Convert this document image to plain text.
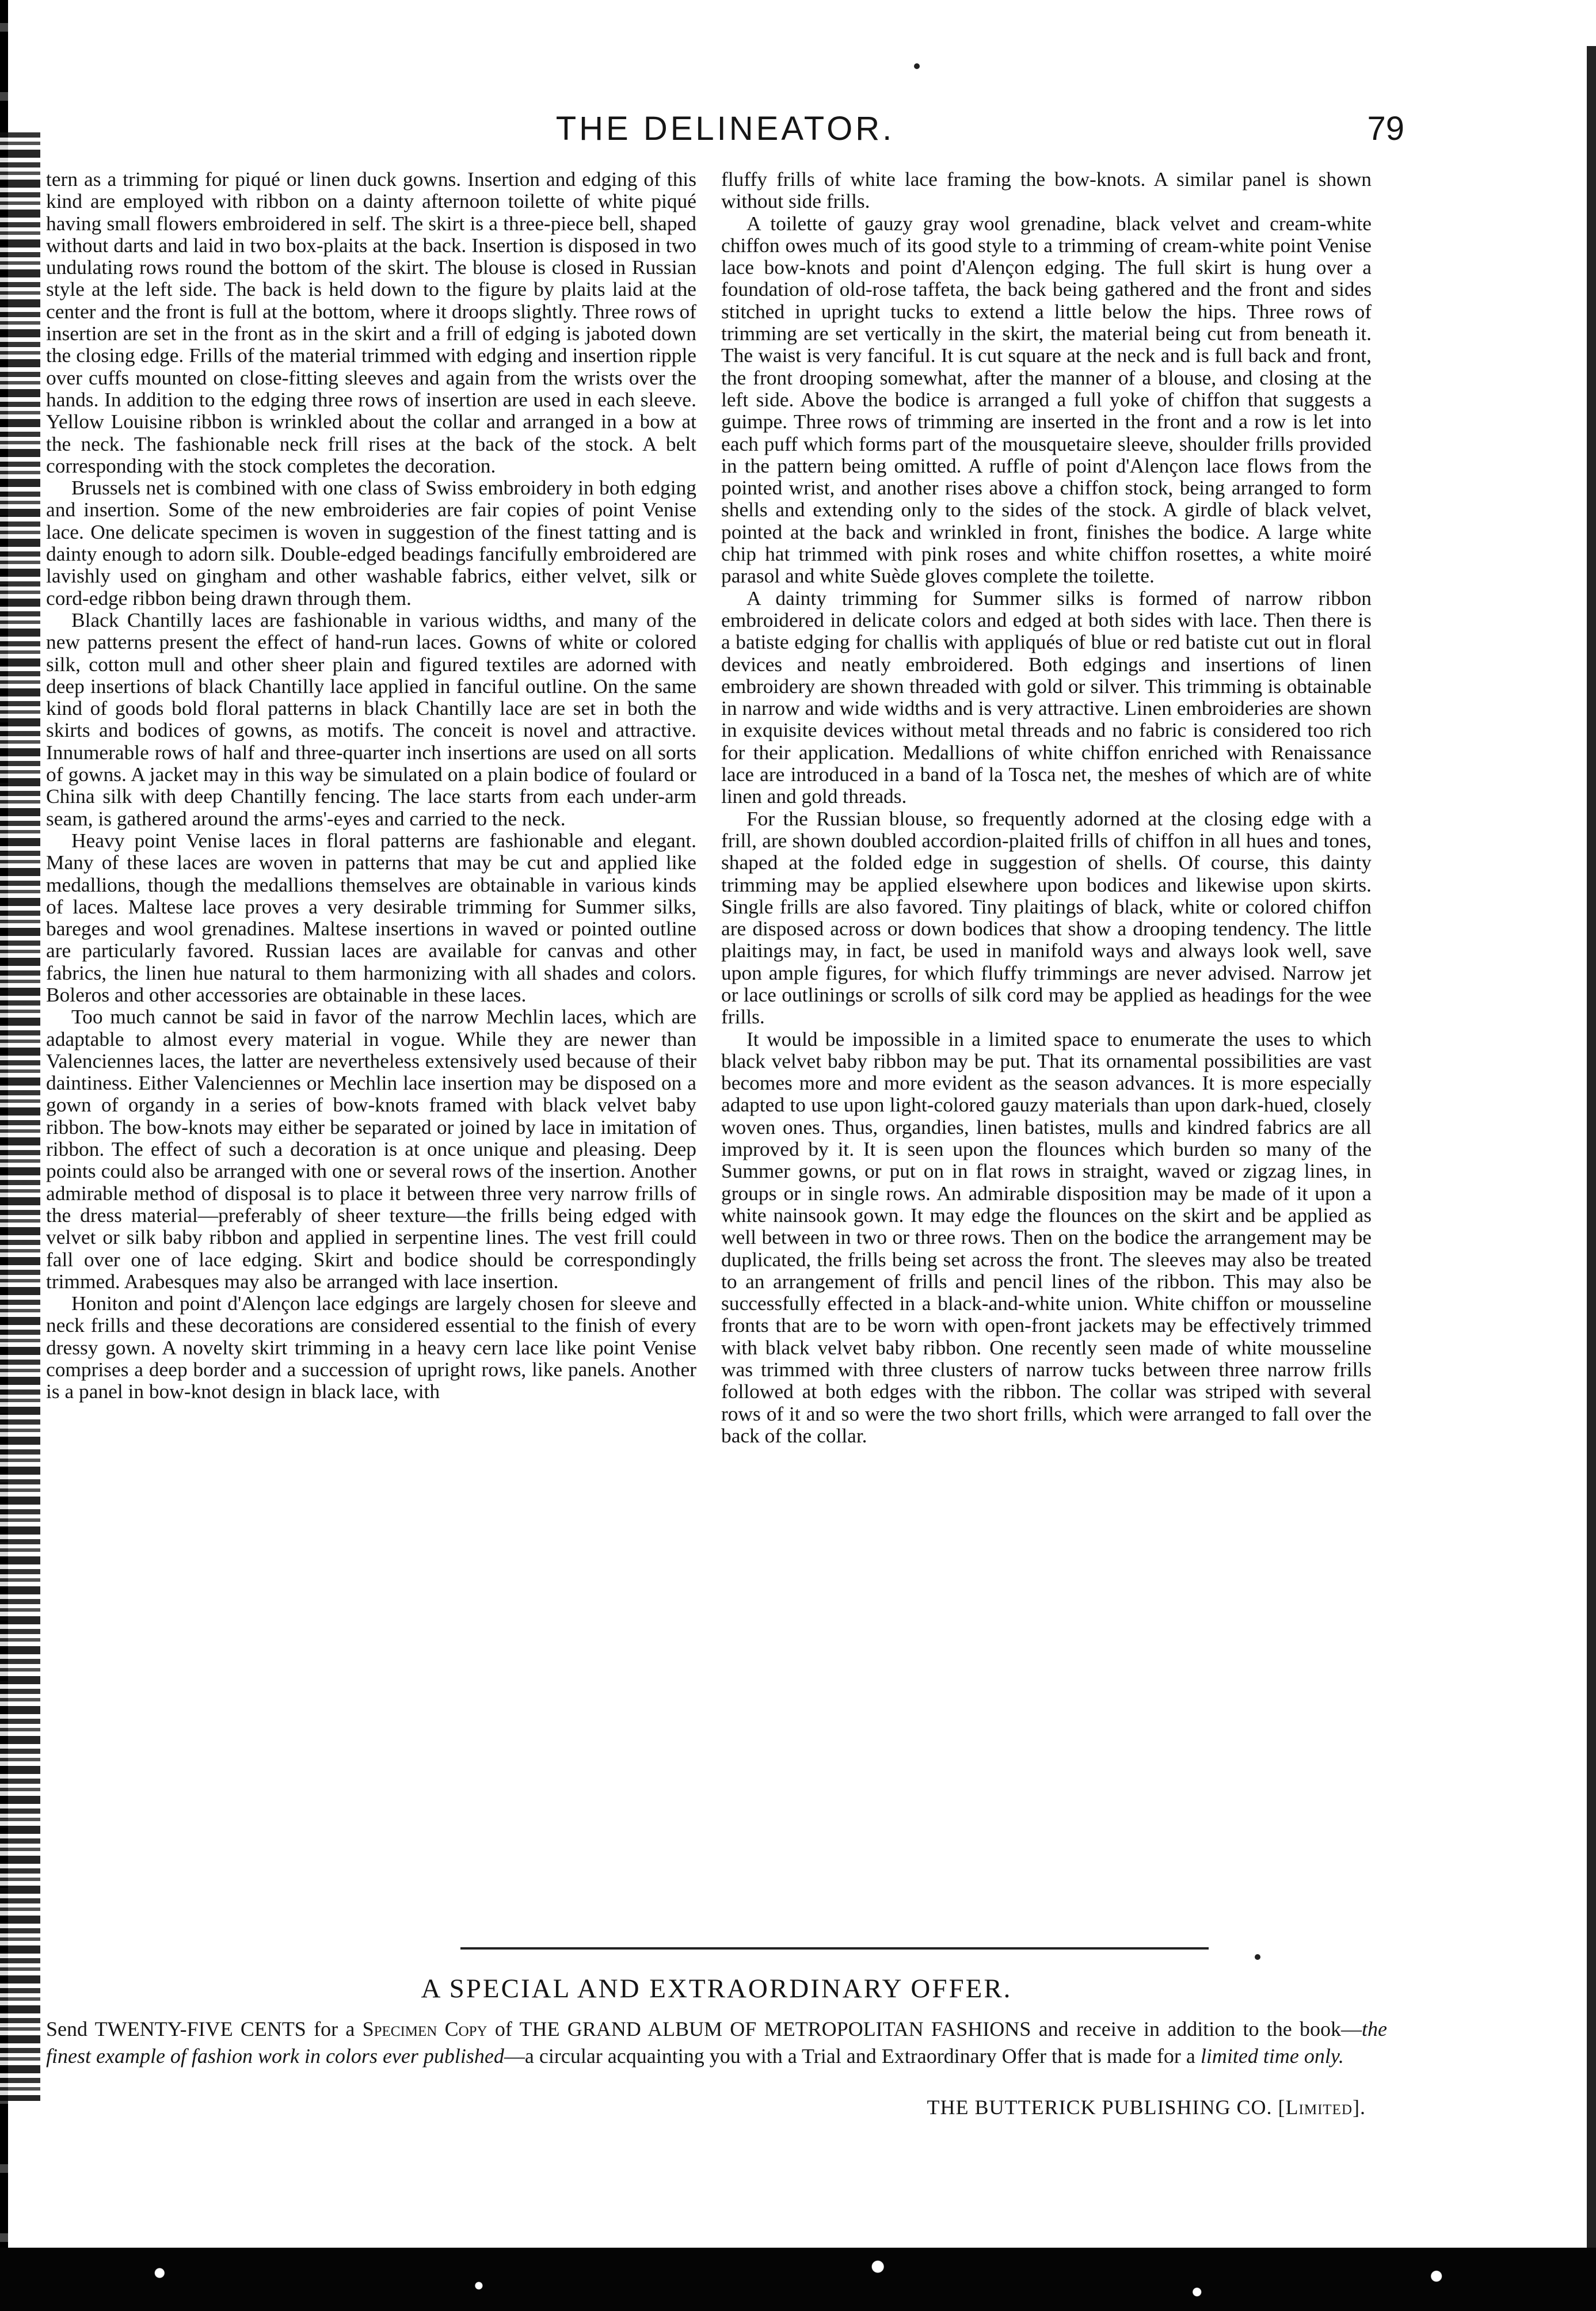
THE DELINEATOR.	79

tern as a trimming for piqué or linen duck gowns. Insertion and edging of this kind are employed with ribbon on a dainty afternoon toilette of white piqué having small flowers embroidered in self. The skirt is a three-piece bell, shaped without darts and laid in two box-plaits at the back. Insertion is disposed in two undulating rows round the bottom of the skirt. The blouse is closed in Russian style at the left side. The back is held down to the figure by plaits laid at the center and the front is full at the bottom, where it droops slightly. Three rows of insertion are set in the front as in the skirt and a frill of edging is jaboted down the closing edge. Frills of the material trimmed with edging and insertion ripple over cuffs mounted on close-fitting sleeves and again from the wrists over the hands. In addition to the edging three rows of insertion are used in each sleeve. Yellow Louisine ribbon is wrinkled about the collar and arranged in a bow at the neck. The fashionable neck frill rises at the back of the stock. A belt corresponding with the stock completes the decoration.

Brussels net is combined with one class of Swiss embroidery in both edging and insertion. Some of the new embroideries are fair copies of point Venise lace. One delicate specimen is woven in suggestion of the finest tatting and is dainty enough to adorn silk. Double-edged beadings fancifully embroidered are lavishly used on gingham and other washable fabrics, either velvet, silk or cord-edge ribbon being drawn through them.

Black Chantilly laces are fashionable in various widths, and many of the new patterns present the effect of hand-run laces. Gowns of white or colored silk, cotton mull and other sheer plain and figured textiles are adorned with deep insertions of black Chantilly lace applied in fanciful outline. On the same kind of goods bold floral patterns in black Chantilly lace are set in both the skirts and bodices of gowns, as motifs. The conceit is novel and attractive. Innumerable rows of half and three-quarter inch insertions are used on all sorts of gowns. A jacket may in this way be simulated on a plain bodice of foulard or China silk with deep Chantilly fencing. The lace starts from each under-arm seam, is gathered around the arms'-eyes and carried to the neck.

Heavy point Venise laces in floral patterns are fashionable and elegant. Many of these laces are woven in patterns that may be cut and applied like medallions, though the medallions themselves are obtainable in various kinds of laces. Maltese lace proves a very desirable trimming for Summer silks, bareges and wool grenadines. Maltese insertions in waved or pointed outline are particularly favored. Russian laces are available for canvas and other fabrics, the linen hue natural to them harmonizing with all shades and colors. Boleros and other accessories are obtainable in these laces.

Too much cannot be said in favor of the narrow Mechlin laces, which are adaptable to almost every material in vogue. While they are newer than Valenciennes laces, the latter are nevertheless extensively used because of their daintiness. Either Valenciennes or Mechlin lace insertion may be disposed on a gown of organdy in a series of bow-knots framed with black velvet baby ribbon. The bow-knots may either be separated or joined by lace in imitation of ribbon. The effect of such a decoration is at once unique and pleasing. Deep points could also be arranged with one or several rows of the insertion. Another admirable method of disposal is to place it between three very narrow frills of the dress material—preferably of sheer texture—the frills being edged with velvet or silk baby ribbon and applied in serpentine lines. The vest frill could fall over one of lace edging. Skirt and bodice should be correspondingly trimmed. Arabesques may also be arranged with lace insertion.

Honiton and point d'Alençon lace edgings are largely chosen for sleeve and neck frills and these decorations are considered essential to the finish of every dressy gown. A novelty skirt trimming in a heavy cern lace like point Venise comprises a deep border and a succession of upright rows, like panels. Another is a panel in bow-knot design in black lace, with

fluffy frills of white lace framing the bow-knots. A similar panel is shown without side frills.

A toilette of gauzy gray wool grenadine, black velvet and cream-white chiffon owes much of its good style to a trimming of cream-white point Venise lace bow-knots and point d'Alençon edging. The full skirt is hung over a foundation of old-rose taffeta, the back being gathered and the front and sides stitched in upright tucks to extend a little below the hips. Three rows of trimming are set vertically in the skirt, the material being cut from beneath it. The waist is very fanciful. It is cut square at the neck and is full back and front, the front drooping somewhat, after the manner of a blouse, and closing at the left side. Above the bodice is arranged a full yoke of chiffon that suggests a guimpe. Three rows of trimming are inserted in the front and a row is let into each puff which forms part of the mousquetaire sleeve, shoulder frills provided in the pattern being omitted. A ruffle of point d'Alençon lace flows from the pointed wrist, and another rises above a chiffon stock, being arranged to form shells and extending only to the sides of the stock. A girdle of black velvet, pointed at the back and wrinkled in front, finishes the bodice. A large white chip hat trimmed with pink roses and white chiffon rosettes, a white moiré parasol and white Suède gloves complete the toilette.

A dainty trimming for Summer silks is formed of narrow ribbon embroidered in delicate colors and edged at both sides with lace. Then there is a batiste edging for challis with appliqués of blue or red batiste cut out in floral devices and neatly embroidered. Both edgings and insertions of linen embroidery are shown threaded with gold or silver. This trimming is obtainable in narrow and wide widths and is very attractive. Linen embroideries are shown in exquisite devices without metal threads and no fabric is considered too rich for their application. Medallions of white chiffon enriched with Renaissance lace are introduced in a band of la Tosca net, the meshes of which are of white linen and gold threads.

For the Russian blouse, so frequently adorned at the closing edge with a frill, are shown doubled accordion-plaited frills of chiffon in all hues and tones, shaped at the folded edge in suggestion of shells. Of course, this dainty trimming may be applied elsewhere upon bodices and likewise upon skirts. Single frills are also favored. Tiny plaitings of black, white or colored chiffon are disposed across or down bodices that show a drooping tendency. The little plaitings may, in fact, be used in manifold ways and always look well, save upon ample figures, for which fluffy trimmings are never advised. Narrow jet or lace outlinings or scrolls of silk cord may be applied as headings for the wee frills.

It would be impossible in a limited space to enumerate the uses to which black velvet baby ribbon may be put. That its ornamental possibilities are vast becomes more and more evident as the season advances. It is more especially adapted to use upon light-colored gauzy materials than upon dark-hued, closely woven ones. Thus, organdies, linen batistes, mulls and kindred fabrics are all improved by it. It is seen upon the flounces which burden so many of the Summer gowns, or put on in flat rows in straight, waved or zigzag lines, in groups or in single rows. An admirable disposition may be made of it upon a white nainsook gown. It may edge the flounces on the skirt and be applied as well between in two or three rows. Then on the bodice the arrangement may be duplicated, the frills being set across the front. The sleeves may also be treated to an arrangement of frills and pencil lines of the ribbon. This may also be successfully effected in a black-and-white union. White chiffon or mousseline fronts that are to be worn with open-front jackets may be effectively trimmed with black velvet baby ribbon. One recently seen made of white mousseline was trimmed with three clusters of narrow tucks between three narrow frills followed at both edges with the ribbon. The collar was striped with several rows of it and so were the two short frills, which were arranged to fall over the back of the collar.

A SPECIAL AND EXTRAORDINARY OFFER.
Send TWENTY-FIVE CENTS for a Specimen Copy of THE GRAND ALBUM OF METROPOLITAN FASHIONS and receive in addition to the book—the finest example of fashion work in colors ever published—a circular acquainting you with a Trial and Extraordinary Offer that is made for a limited time only.
THE BUTTERICK PUBLISHING CO. [Limited].
